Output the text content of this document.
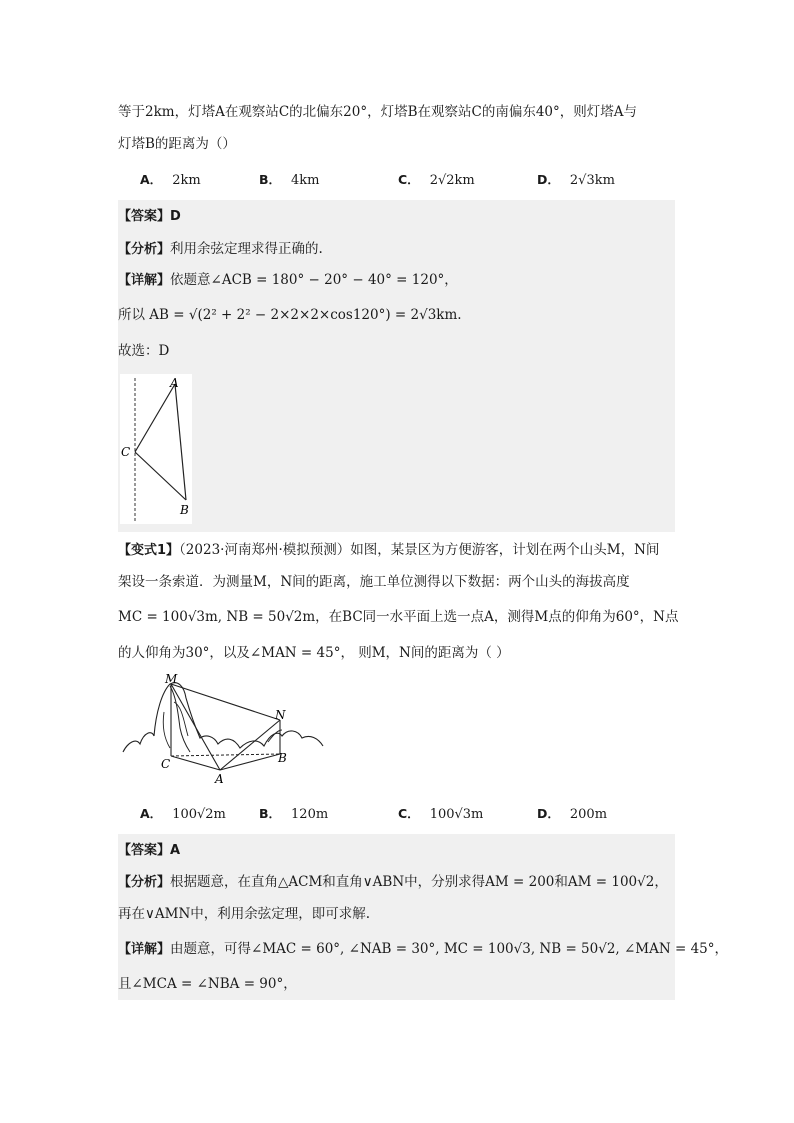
等于2km，灯塔A在观察站C的北偏东20°，灯塔B在观察站C的南偏东40°，则灯塔A与
灯塔B的距离为（）
A． 2km	B． 4km	C． 2√2km	D． 2√3km
【答案】D
【分析】利用余弦定理求得正确的.
【详解】依题意∠ACB = 180° − 20° − 40° = 120°，
所以 AB = √(2² + 2² − 2×2×2×cos120°) = 2√3km.
故选：D
A
C
B
【变式1】（2023·河南郑州·模拟预测）如图，某景区为方便游客，计划在两个山头M，N间
架设一条索道．为测量M，N间的距离，施工单位测得以下数据：两个山头的海拔高度
MC = 100√3m, NB = 50√2m，在BC同一水平面上选一点A，测得M点的仰角为60°，N点
的人仰角为30°，以及∠MAN = 45°， 则M，N间的距离为（ ）
M
N
C
A
B
A． 100√2m	B． 120m	C． 100√3m	D． 200m
【答案】A
【分析】根据题意，在直角△ACM和直角∨ABN中，分别求得AM = 200和AM = 100√2，
再在∨AMN中，利用余弦定理，即可求解.
【详解】由题意，可得∠MAC = 60°, ∠NAB = 30°, MC = 100√3, NB = 50√2, ∠MAN = 45°，
且∠MCA = ∠NBA = 90°，
